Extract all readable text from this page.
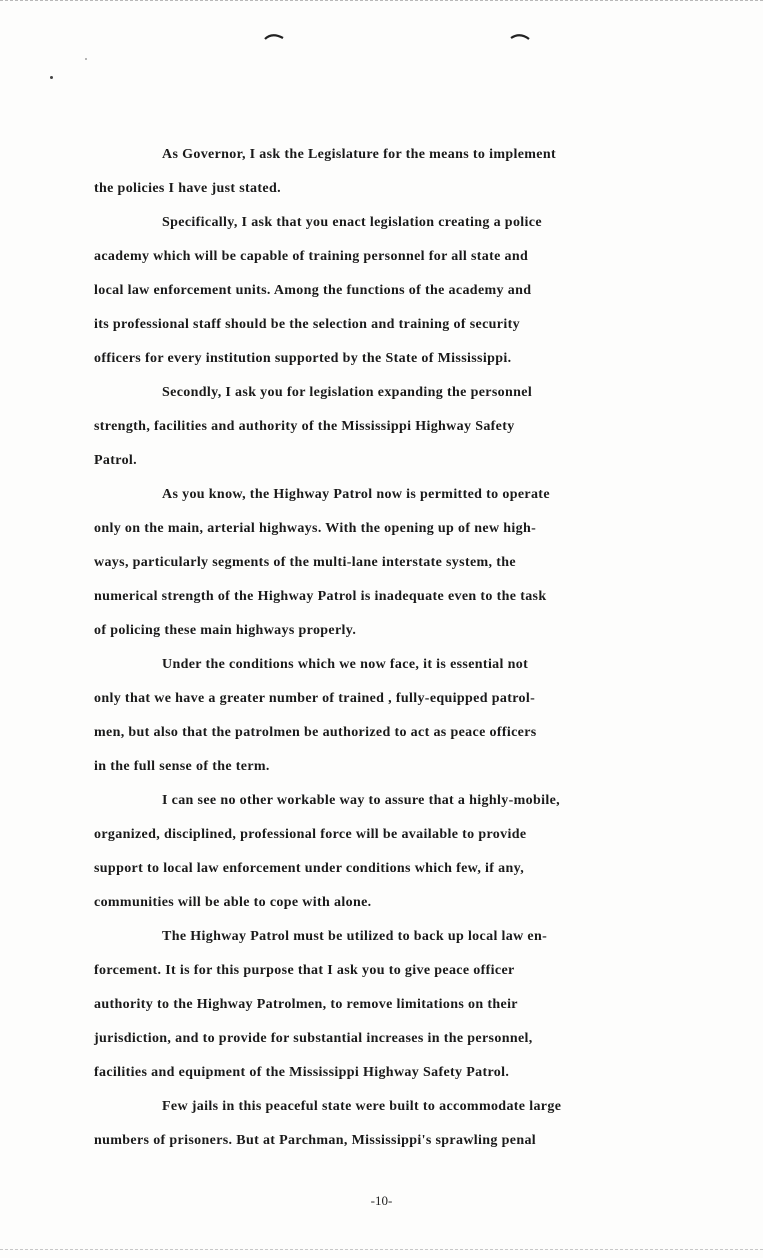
As Governor, I ask the Legislature for the means to implement
the policies I have just stated.
Specifically, I ask that you enact legislation creating a police
academy which will be capable of training personnel for all state and
local law enforcement units. Among the functions of the academy and
its professional staff should be the selection and training of security
officers for every institution supported by the State of Mississippi.
Secondly, I ask you for legislation expanding the personnel
strength, facilities and authority of the Mississippi Highway Safety
Patrol.
As you know, the Highway Patrol now is permitted to operate
only on the main, arterial highways. With the opening up of new high-
ways, particularly segments of the multi-lane interstate system, the
numerical strength of the Highway Patrol is inadequate even to the task
of policing these main highways properly.
Under the conditions which we now face, it is essential not
only that we have a greater number of trained , fully-equipped patrol-
men, but also that the patrolmen be authorized to act as peace officers
in the full sense of the term.
I can see no other workable way to assure that a highly-mobile,
organized, disciplined, professional force will be available to provide
support to local law enforcement under conditions which few, if any,
communities will be able to cope with alone.
The Highway Patrol must be utilized to back up local law en-
forcement. It is for this purpose that I ask you to give peace officer
authority to the Highway Patrolmen, to remove limitations on their
jurisdiction, and to provide for substantial increases in the personnel,
facilities and equipment of the Mississippi Highway Safety Patrol.
Few jails in this peaceful state were built to accommodate large
numbers of prisoners. But at Parchman, Mississippi's sprawling penal
-10-
